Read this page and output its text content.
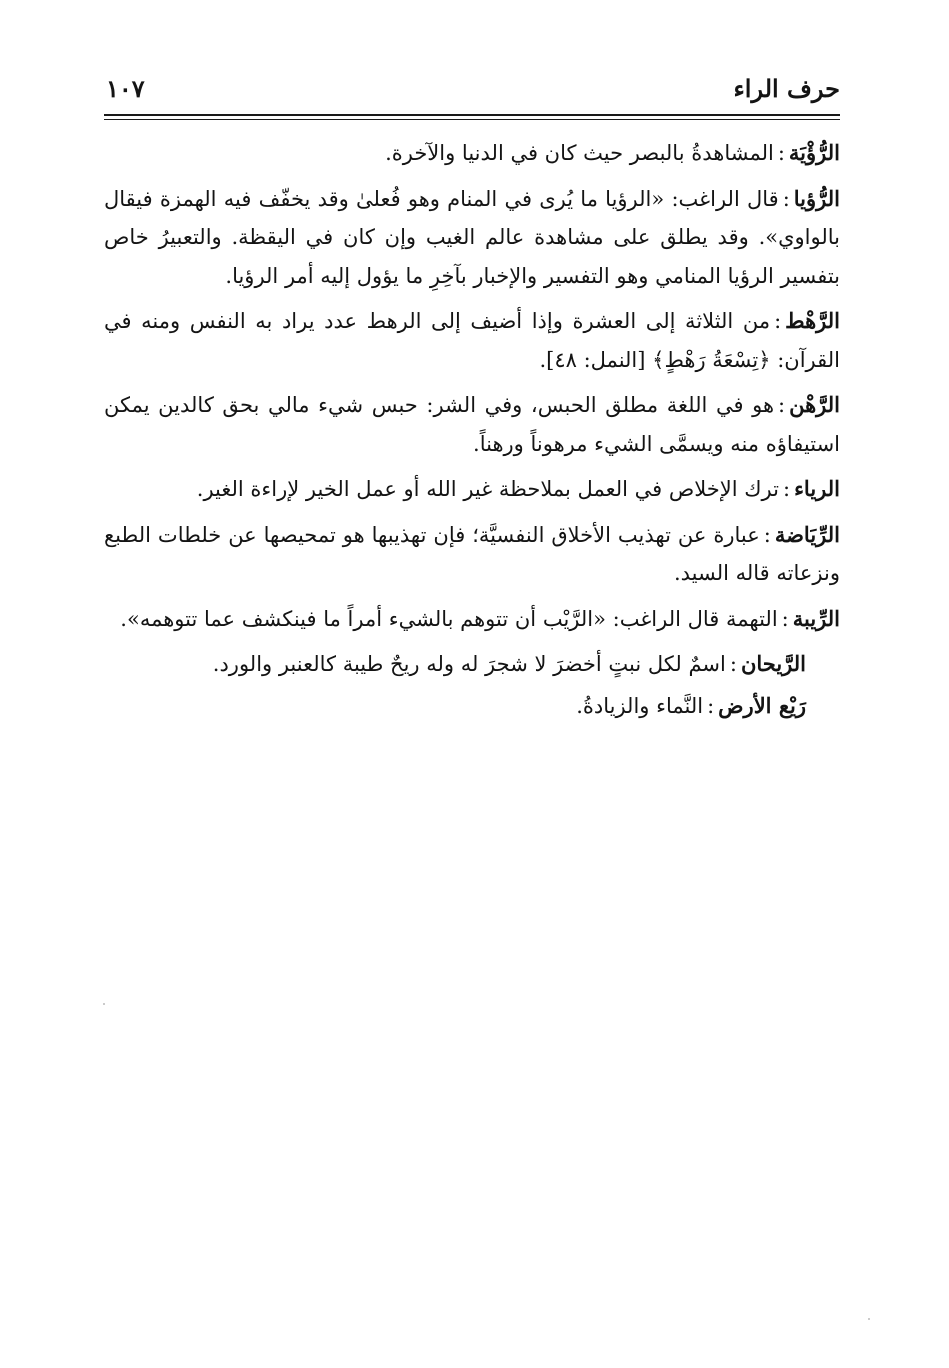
حرف الراء
١٠٧

الرُّؤْيَة:المشاهدةُ بالبصر حيث كان في الدنيا والآخرة.

الرُّؤيا:قال الراغب: «الرؤيا ما يُرى في المنام وهو فُعلىٰ وقد يخفّف فيه الهمزة فيقال بالواوي». وقد يطلق على مشاهدة عالم الغيب وإن كان في اليقظة. والتعبيرُ خاص بتفسير الرؤيا المنامي وهو التفسير والإخبار بآخِرِ ما يؤول إليه أمر الرؤيا.

الرَّهْط:من الثلاثة إلى العشرة وإذا أضيف إلى الرهط عدد يراد به النفس ومنه في القرآن: ﴿تِسْعَةُ رَهْطٍ﴾ [النمل: ٤٨].

الرَّهْن:هو في اللغة مطلق الحبس، وفي الشر: حبس شيء مالي بحق كالدين يمكن استيفاؤه منه ويسمَّى الشيء مرهوناً ورهناً.

الرياء:ترك الإخلاص في العمل بملاحظة غير الله أو عمل الخير لإراءة الغير.

الرِّيَاضة:عبارة عن تهذيب الأخلاق النفسيَّة؛ فإن تهذيبها هو تمحيصها عن خلطات الطبع ونزعاته قاله السيد.

الرِّيبة:التهمة قال الراغب: «الرَّيْب أن تتوهم بالشيء أمراً ما فينكشف عما تتوهمه».

الرَّيحان:اسمٌ لكل نبتٍ أخضرَ لا شجرَ له وله ريحٌ طيبة كالعنبر والورد.

رَيْع الأرض:النَّماء والزيادةُ.
